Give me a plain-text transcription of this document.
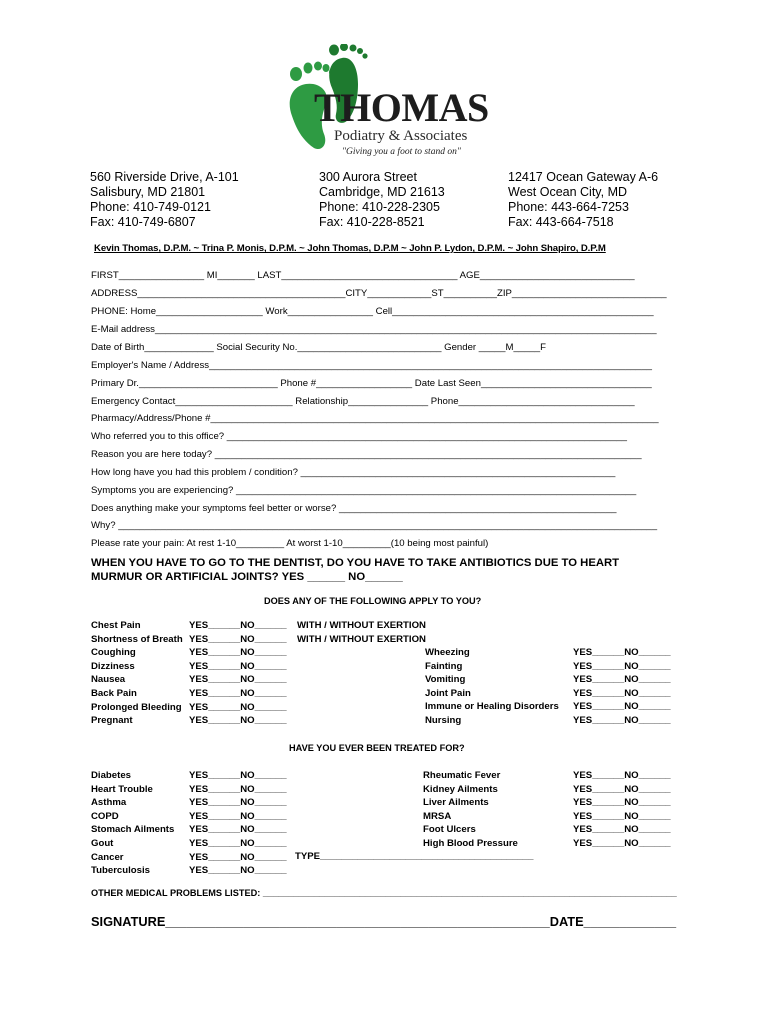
THOMAS
Podiatry & Associates
"Giving you a foot to stand on"
560 Riverside Drive, A-101
Salisbury, MD 21801
Phone: 410-749-0121
Fax: 410-749-6807
300 Aurora Street
Cambridge, MD 21613
Phone: 410-228-2305
Fax: 410-228-8521
12417 Ocean Gateway A-6
West Ocean City, MD
Phone: 443-664-7253
Fax: 443-664-7518
Kevin Thomas, D.P.M. ~ Trina P. Monis, D.P.M. ~ John Thomas, D.P.M ~ John P. Lydon, D.P.M. ~ John Shapiro, D.P.M
FIRST________________ MI_______ LAST_________________________________ AGE_____________________________
ADDRESS_______________________________________CITY____________ST__________ZIP_____________________________
PHONE: Home____________________ Work________________ Cell_________________________________________________
E-Mail address______________________________________________________________________________________________
Date of Birth_____________ Social Security No.___________________________ Gender _____M_____F
Employer's Name / Address___________________________________________________________________________________
Primary Dr.__________________________ Phone #__________________ Date Last Seen________________________________
Emergency Contact______________________ Relationship_______________ Phone_________________________________
Pharmacy/Address/Phone #____________________________________________________________________________________
Who referred you to this office? ___________________________________________________________________________
Reason you are here today? ________________________________________________________________________________
How long have you had this problem / condition? ___________________________________________________________
Symptoms you are experiencing? ___________________________________________________________________________
Does anything make your symptoms feel better or worse? ____________________________________________________
Why? _____________________________________________________________________________________________________
Please rate your pain: At rest 1-10_________ At worst 1-10_________(10 being most painful)
WHEN YOU HAVE TO GO TO THE DENTIST, DO YOU HAVE TO TAKE ANTIBIOTICS DUE TO HEART
MURMUR OR ARTIFICIAL JOINTS? YES ______ NO______
DOES ANY OF THE FOLLOWING APPLY TO YOU?
Chest Pain
Shortness of Breath
Coughing
Dizziness
Nausea
Back Pain
Prolonged Bleeding
Pregnant
YES______NO______
YES______NO______
YES______NO______
YES______NO______
YES______NO______
YES______NO______
YES______NO______
YES______NO______
WITH / WITHOUT EXERTION
WITH / WITHOUT EXERTION
Wheezing
Fainting
Vomiting
Joint Pain
Immune or Healing Disorders
Nursing
YES______NO______
YES______NO______
YES______NO______
YES______NO______
YES______NO______
YES______NO______
HAVE YOU EVER BEEN TREATED FOR?
Diabetes
Heart Trouble
Asthma
COPD
Stomach Ailments
Gout
Cancer
Tuberculosis
YES______NO______
YES______NO______
YES______NO______
YES______NO______
YES______NO______
YES______NO______
YES______NO______
YES______NO______
TYPE________________________________________
Rheumatic Fever
Kidney Ailments
Liver Ailments
MRSA
Foot Ulcers
High Blood Pressure
YES______NO______
YES______NO______
YES______NO______
YES______NO______
YES______NO______
YES______NO______
OTHER MEDICAL PROBLEMS LISTED: _________________________________________________________________________________
SIGNATURE______________________________________________________DATE_____________
